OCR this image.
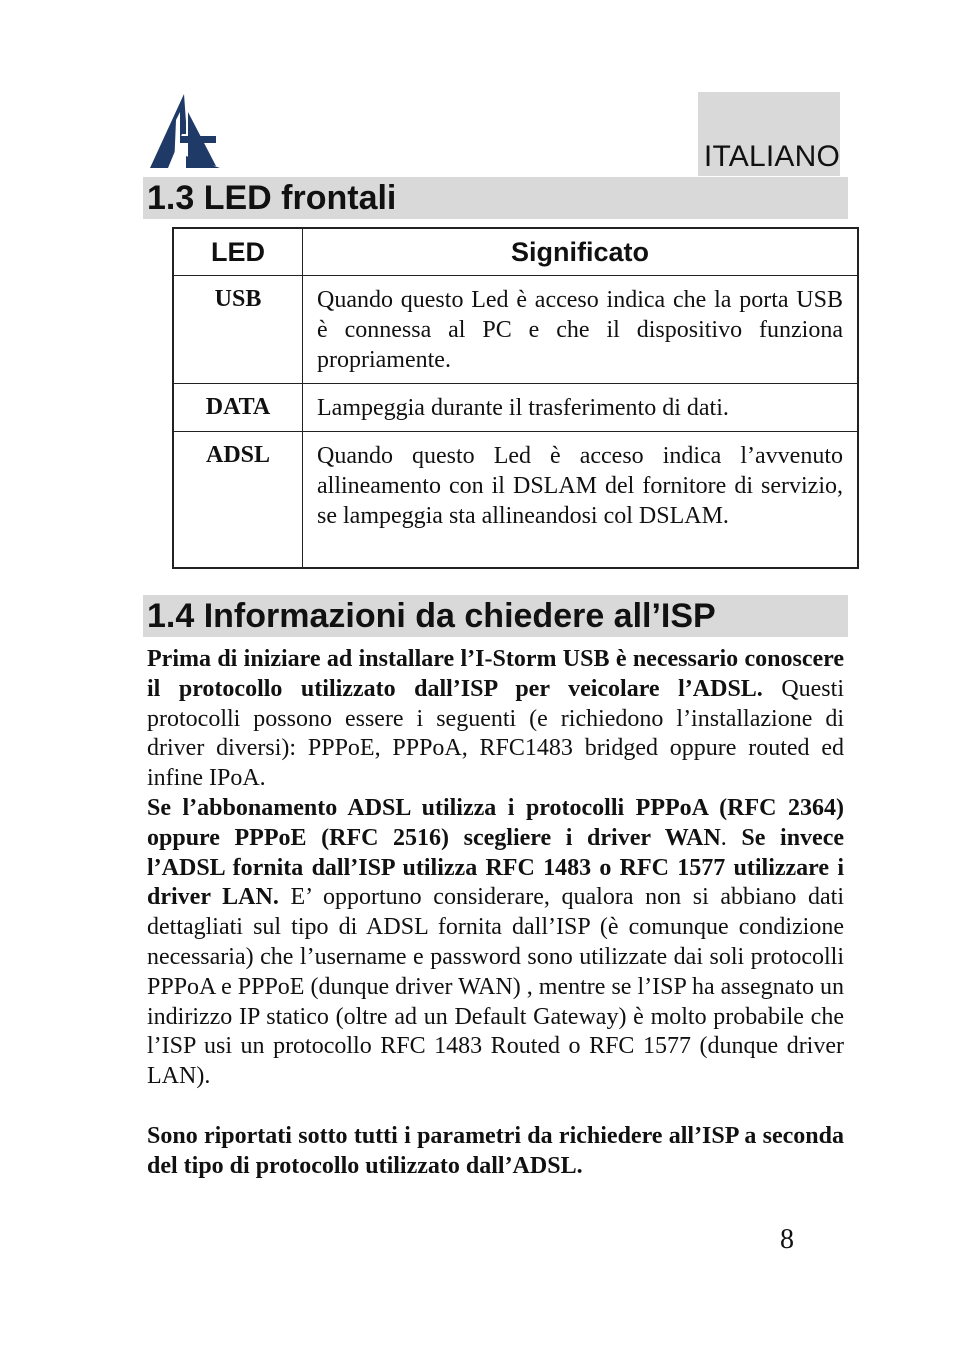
ITALIANO
1.3 LED frontali
LED	Significato
USB	Quando questo Led è acceso indica che la porta USB è connessa al PC e che il dispositivo funziona propriamente.
DATA	Lampeggia durante il trasferimento di dati.
ADSL	Quando questo Led è acceso indica l’avvenuto allineamento con il DSLAM del fornitore di servizio, se lampeggia sta allineandosi col DSLAM.
1.4 Informazioni da chiedere all’ISP

Prima di iniziare ad installare l’I-Storm USB è necessario conoscere il protocollo utilizzato dall’ISP per veicolare l’ADSL. Questi protocolli possono essere i seguenti (e richiedono l’installazione di driver diversi): PPPoE, PPPoA, RFC1483 bridged oppure routed ed infine IPoA.

Se l’abbonamento ADSL utilizza i protocolli PPPoA (RFC 2364) oppure PPPoE (RFC 2516) scegliere i driver WAN. Se invece l’ADSL fornita dall’ISP utilizza RFC 1483 o RFC 1577 utilizzare i driver LAN. E’ opportuno considerare, qualora non si abbiano dati dettagliati sul tipo di ADSL fornita dall’ISP (è comunque condizione necessaria) che l’username e password sono utilizzate dai soli protocolli PPPoA e PPPoE (dunque driver WAN) , mentre se l’ISP ha assegnato un indirizzo IP statico (oltre ad un Default Gateway) è molto probabile che l’ISP usi un protocollo RFC 1483 Routed o RFC 1577 (dunque driver LAN).

Sono riportati sotto tutti i parametri da richiedere all’ISP a seconda del tipo di protocollo utilizzato dall’ADSL.

8
